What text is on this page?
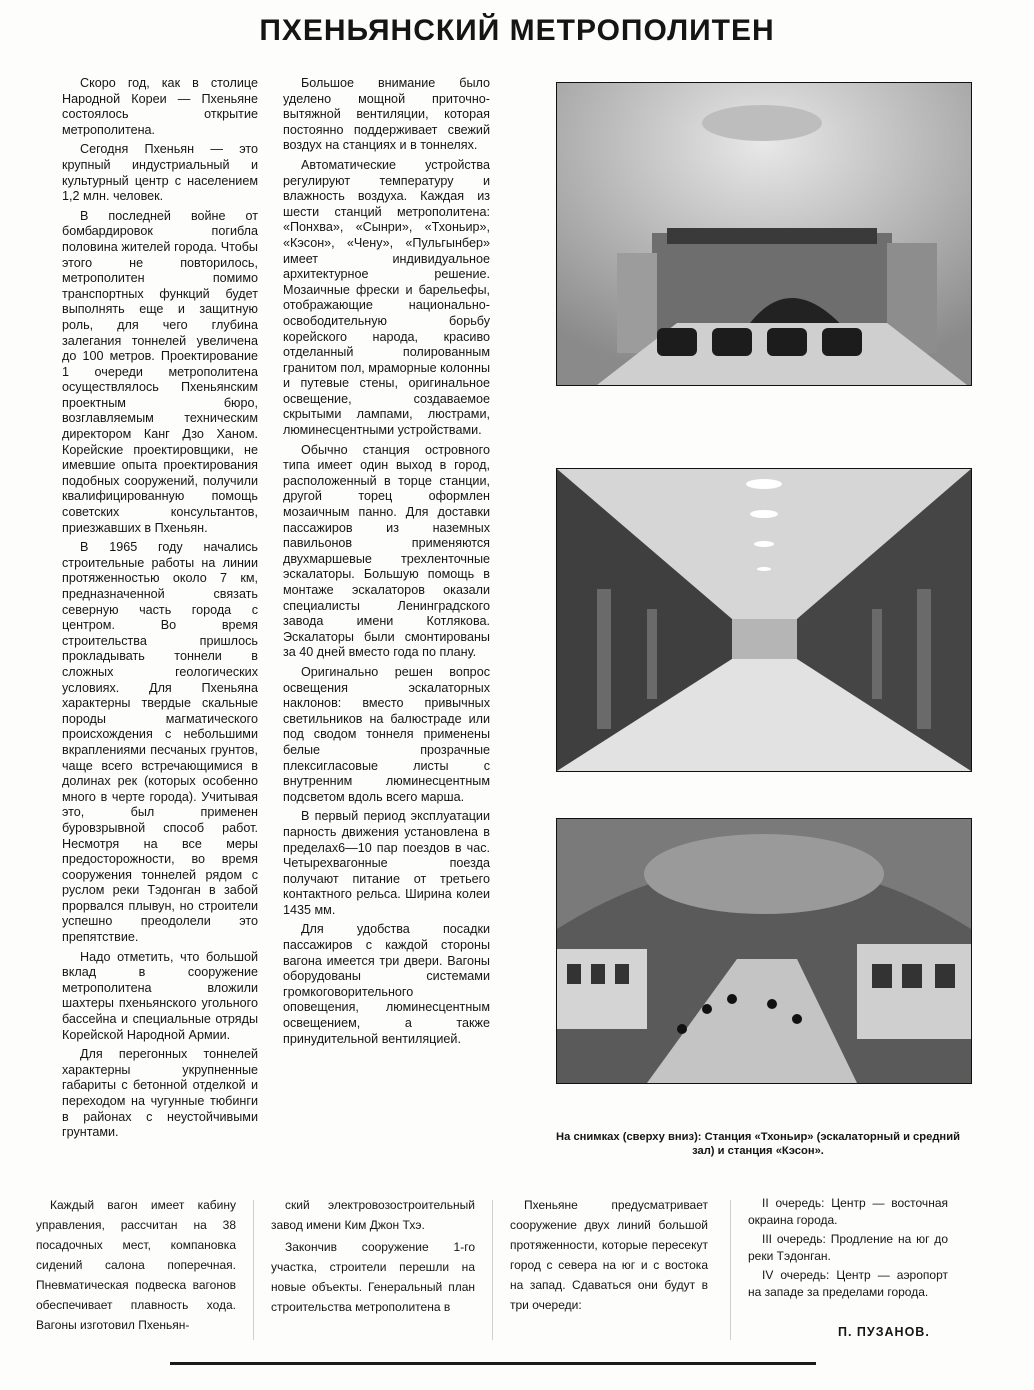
ПХЕНЬЯНСКИЙ МЕТРОПОЛИТЕН

Скоро год, как в столице Народной Кореи — Пхеньяне состоялось открытие метрополитена.

Сегодня Пхеньян — это крупный индустриальный и культурный центр с населением 1,2 млн. человек.

В последней войне от бомбардировок погибла половина жителей города. Чтобы этого не повторилось, метрополитен помимо транспортных функций будет выполнять еще и защитную роль, для чего глубина залегания тоннелей увеличена до 100 метров. Проектирование 1 очереди метрополитена осуществлялось Пхеньянским проектным бюро, возглавляемым техническим директором Канг Дзо Ханом. Корейские проектировщики, не имевшие опыта проектирования подобных сооружений, получили квалифицированную помощь советских консультантов, приезжавших в Пхеньян.

В 1965 году начались строительные работы на линии протяженностью около 7 км, предназначенной связать северную часть города с центром. Во время строительства пришлось прокладывать тоннели в сложных геологических условиях. Для Пхеньяна характерны твердые скальные породы магматического происхождения с небольшими вкраплениями песчаных грунтов, чаще всего встречающимися в долинах рек (которых особенно много в черте города). Учитывая это, был применен буровзрывной способ работ. Несмотря на все меры предосторожности, во время сооружения тоннелей рядом с руслом реки Тэдонган в забой прорвался плывун, но строители успешно преодолели это препятствие.

Надо отметить, что большой вклад в сооружение метрополитена вложили шахтеры пхеньянского угольного бассейна и специальные отряды Корейской Народной Армии.

Для перегонных тоннелей характерны укрупненные габариты с бетонной отделкой и переходом на чугунные тюбинги в районах с неустойчивыми грунтами.

Большое внимание было уделено мощной приточно-вытяжной вентиляции, которая постоянно поддерживает свежий воздух на станциях и в тоннелях.

Автоматические устройства регулируют температуру и влажность воздуха. Каждая из шести станций метрополитена: «Понхва», «Сынри», «Тхоньир», «Кэсон», «Чену», «Пульгынбер» имеет индивидуальное архитектурное решение. Мозаичные фрески и барельефы, отображающие национально-освободительную борьбу корейского народа, красиво отделанный полированным гранитом пол, мраморные колонны и путевые стены, оригинальное освещение, создаваемое скрытыми лампами, люстрами, люминесцентными устройствами.

Обычно станция островного типа имеет один выход в город, расположенный в торце станции, другой торец оформлен мозаичным панно. Для доставки пассажиров из наземных павильонов применяются двухмаршевые трехленточные эскалаторы. Большую помощь в монтаже эскалаторов оказали специалисты Ленинградского завода имени Котлякова. Эскалаторы были смонтированы за 40 дней вместо года по плану.

Оригинально решен вопрос освещения эскалаторных наклонов: вместо привычных светильников на балюстраде или под сводом тоннеля применены белые прозрачные плексигласовые листы с внутренним люминесцентным подсветом вдоль всего марша.

В первый период эксплуатации парность движения установлена в пределах6—10 пар поездов в час. Четырехвагонные поезда получают питание от третьего контактного рельса. Ширина колеи 1435 мм.

Для удобства посадки пассажиров с каждой стороны вагона имеется три двери. Вагоны оборудованы системами громкоговорительного оповещения, люминесцентным освещением, а также принудительной вентиляцией.

На снимках (сверху вниз): Станция «Тхоньир» (эскалаторный и средний зал) и станция «Кэсон».

Каждый вагон имеет кабину управления, рассчитан на 38 посадочных мест, компановка сидений салона поперечная. Пневматическая подвеска вагонов обеспечивает плавность хода. Вагоны изготовил Пхеньян-

ский электровозостроительный завод имени Ким Джон Тхэ.

Закончив сооружение 1-го участка, строители перешли на новые объекты. Генеральный план строительства метрополитена в

Пхеньяне предусматривает сооружение двух линий большой протяженности, которые пересекут город с севера на юг и с востока на запад. Сдаваться они будут в три очереди:

II очередь: Центр — восточная окраина города.

III очередь: Продление на юг до реки Тэдонган.

IV очередь: Центр — аэропорт на западе за пределами города.

П. ПУЗАНОВ.
